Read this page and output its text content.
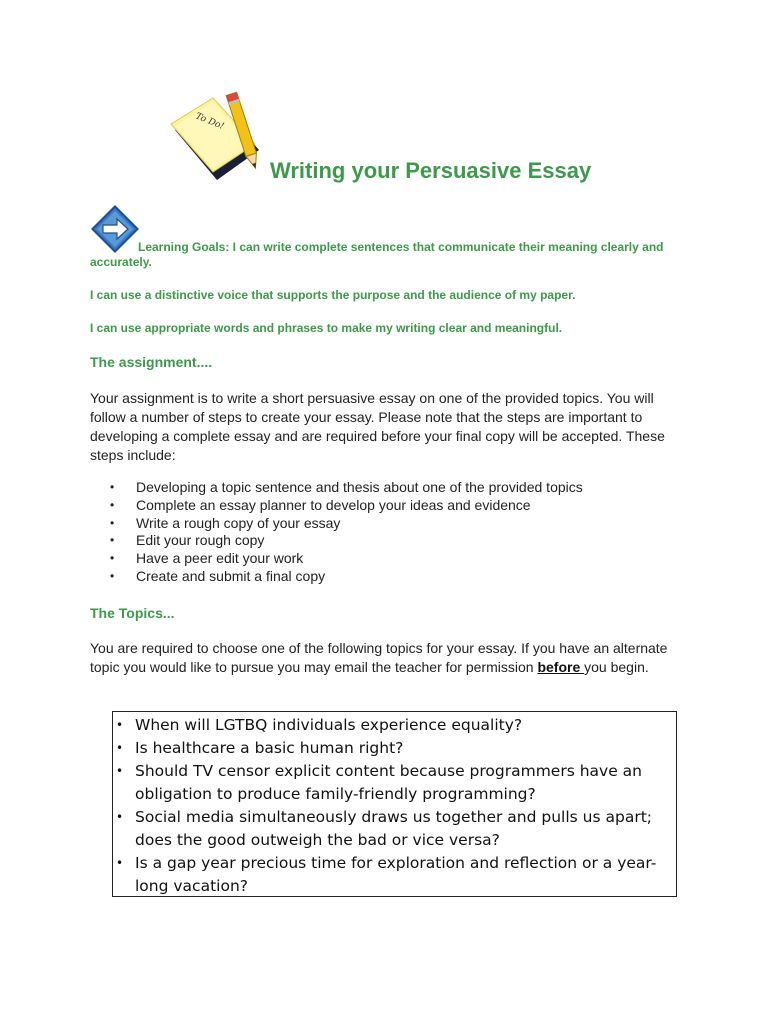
To Do!
Writing your Persuasive Essay

Learning Goals: I can write complete sentences that communicate their meaning clearly and accurately.

I can use a distinctive voice that supports the purpose and the audience of my paper.

I can use appropriate words and phrases to make my writing clear and meaningful.

The assignment....

Your assignment is to write a short persuasive essay on one of the provided topics. You will follow a number of steps to create your essay. Please note that the steps are important to developing a complete essay and are required before your final copy will be accepted. These steps include:

• Developing a topic sentence and thesis about one of the provided topics
• Complete an essay planner to develop your ideas and evidence
• Write a rough copy of your essay
• Edit your rough copy
• Have a peer edit your work
• Create and submit a final copy
The Topics...

You are required to choose one of the following topics for your essay. If you have an alternate topic you would like to pursue you may email the teacher for permission before you begin.

• When will LGTBQ individuals experience equality?
• Is healthcare a basic human right?
• Should TV censor explicit content because programmers have an obligation to produce family-friendly programming?
• Social media simultaneously draws us together and pulls us apart; does the good outweigh the bad or vice versa?
• Is a gap year precious time for exploration and reflection or a year-long vacation?
